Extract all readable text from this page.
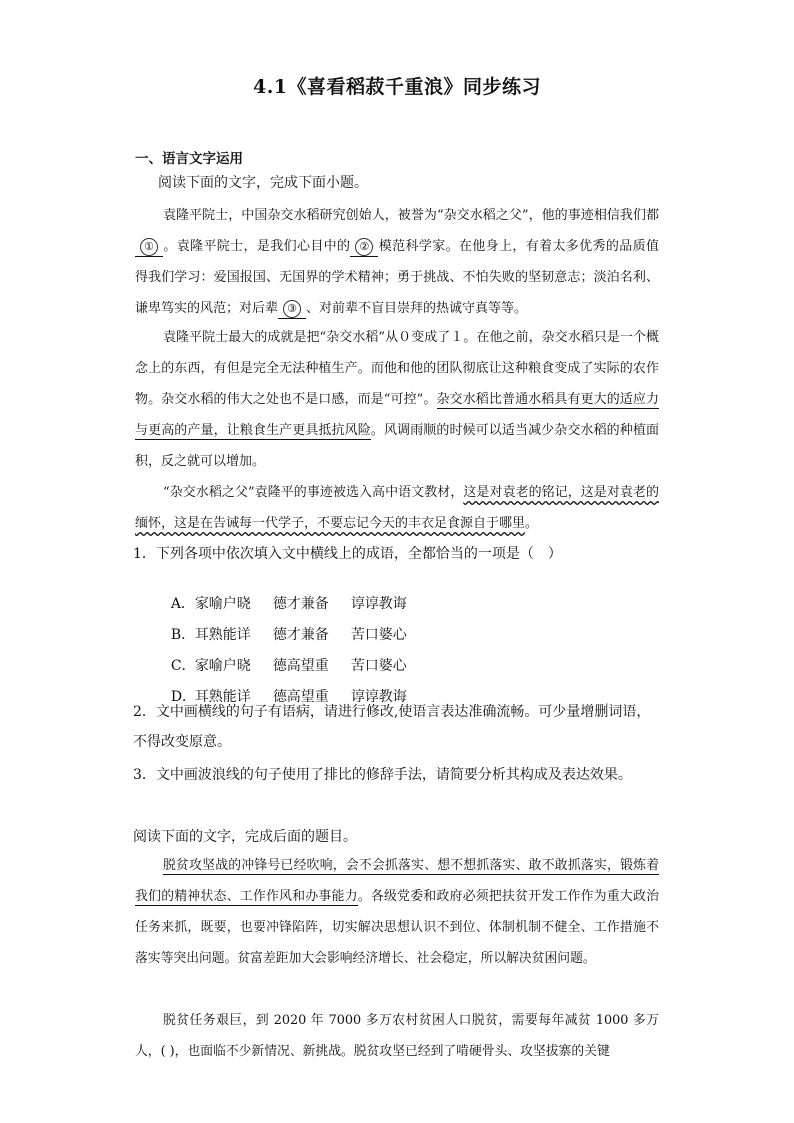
4.1《喜看稻菽千重浪》同步练习
一、语言文字运用
阅读下面的文字，完成下面小题。
袁隆平院士，中国杂交水稻研究创始人，被誉为“杂交水稻之父”，他的事迹相信我们都① 。袁隆平院士，是我们心目中的 ② 模范科学家。在他身上，有着太多优秀的品质值得我们学习：爱国报国、无国界的学术精神；勇于挑战、不怕失败的坚韧意志；淡泊名利、谦卑笃实的风范；对后辈 ③ 、对前辈不盲目崇拜的热诚守真等等。
袁隆平院士最大的成就是把“杂交水稻”从０变成了１。在他之前，杂交水稻只是一个概念上的东西，有但是完全无法种植生产。而他和他的团队彻底让这种粮食变成了实际的农作物。杂交水稻的伟大之处也不是口感，而是“可控”。杂交水稻比普通水稻具有更大的适应力与更高的产量，让粮食生产更具抵抗风险。风调雨顺的时候可以适当减少杂交水稻的种植面积，反之就可以增加。
“杂交水稻之父”袁隆平的事迹被选入高中语文教材，这是对袁老的铭记，这是对袁老的缅怀，这是在告诫每一代学子，不要忘记今天的丰衣足食源自于哪里。
1．下列各项中依次填入文中横线上的成语，全都恰当的一项是（　）

A．家喻户晓 德才兼备 谆谆教诲

B．耳熟能详 德才兼备 苦口婆心

C．家喻户晓 德高望重 苦口婆心

D．耳熟能详 德高望重 谆谆教诲

2．文中画横线的句子有语病，请进行修改,使语言表达准确流畅。可少量增删词语，不得改变原意。
3．文中画波浪线的句子使用了排比的修辞手法，请简要分析其构成及表达效果。
阅读下面的文字，完成后面的题目。
脱贫攻坚战的冲锋号已经吹响，会不会抓落实、想不想抓落实、敢不敢抓落实，锻炼着我们的精神状态、工作作风和办事能力。各级党委和政府必须把扶贫开发工作作为重大政治任务来抓，既要，也要冲锋陷阵，切实解决思想认识不到位、体制机制不健全、工作措施不落实等突出问题。贫富差距加大会影响经济增长、社会稳定，所以解决贫困问题。
脱贫任务艰巨，到 2020 年 7000 多万农村贫困人口脱贫，需要每年减贫 1000 多万人，( )，也面临不少新情况、新挑战。脱贫攻坚已经到了啃硬骨头、攻坚拔寨的关键
